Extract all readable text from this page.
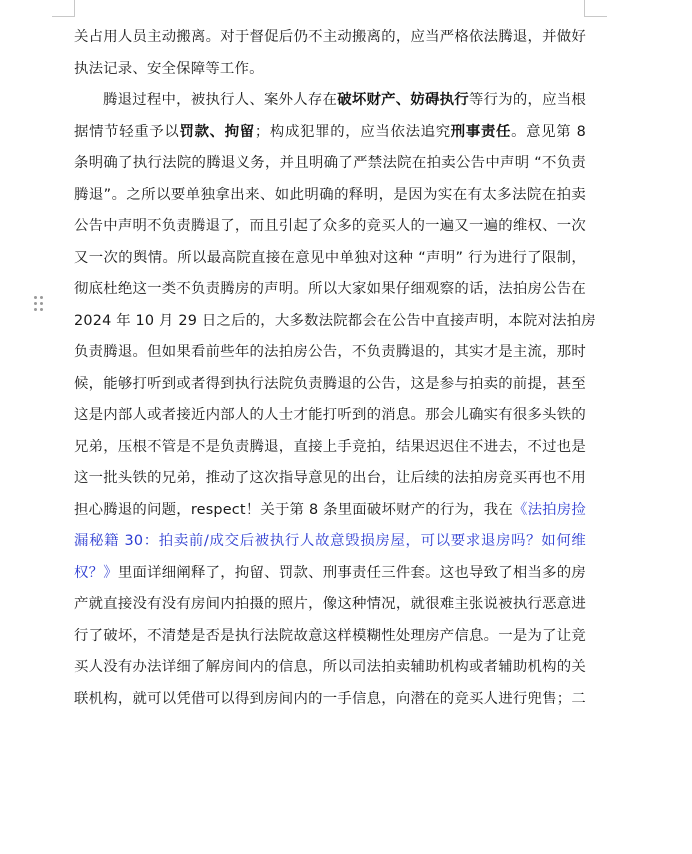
关占用人员主动搬离。对于督促后仍不主动搬离的，应当严格依法腾退，并做好
执法记录、安全保障等工作。
腾退过程中，被执行人、案外人存在破坏财产、妨碍执行等行为的，应当根
据情节轻重予以罚款、拘留；构成犯罪的，应当依法追究刑事责任。意见第 8
条明确了执行法院的腾退义务，并且明确了严禁法院在拍卖公告中声明 “不负责
腾退”。之所以要单独拿出来、如此明确的释明，是因为实在有太多法院在拍卖
公告中声明不负责腾退了，而且引起了众多的竞买人的一遍又一遍的维权、一次
又一次的舆情。所以最高院直接在意见中单独对这种 “声明” 行为进行了限制，
彻底杜绝这一类不负责腾房的声明。所以大家如果仔细观察的话，法拍房公告在
2024 年 10 月 29 日之后的，大多数法院都会在公告中直接声明，本院对法拍房
负责腾退。但如果看前些年的法拍房公告，不负责腾退的，其实才是主流，那时
候，能够打听到或者得到执行法院负责腾退的公告，这是参与拍卖的前提，甚至
这是内部人或者接近内部人的人士才能打听到的消息。那会儿确实有很多头铁的
兄弟，压根不管是不是负责腾退，直接上手竞拍，结果迟迟住不进去，不过也是
这一批头铁的兄弟，推动了这次指导意见的出台，让后续的法拍房竞买再也不用
担心腾退的问题，respect！关于第 8 条里面破坏财产的行为，我在《法拍房捡
漏秘籍 30：拍卖前/成交后被执行人故意毁损房屋，可以要求退房吗？如何维
权？》里面详细阐释了，拘留、罚款、刑事责任三件套。这也导致了相当多的房
产就直接没有没有房间内拍摄的照片，像这种情况，就很难主张说被执行恶意进
行了破坏，不清楚是否是执行法院故意这样模糊性处理房产信息。一是为了让竞
买人没有办法详细了解房间内的信息，所以司法拍卖辅助机构或者辅助机构的关
联机构，就可以凭借可以得到房间内的一手信息，向潜在的竞买人进行兜售；二
